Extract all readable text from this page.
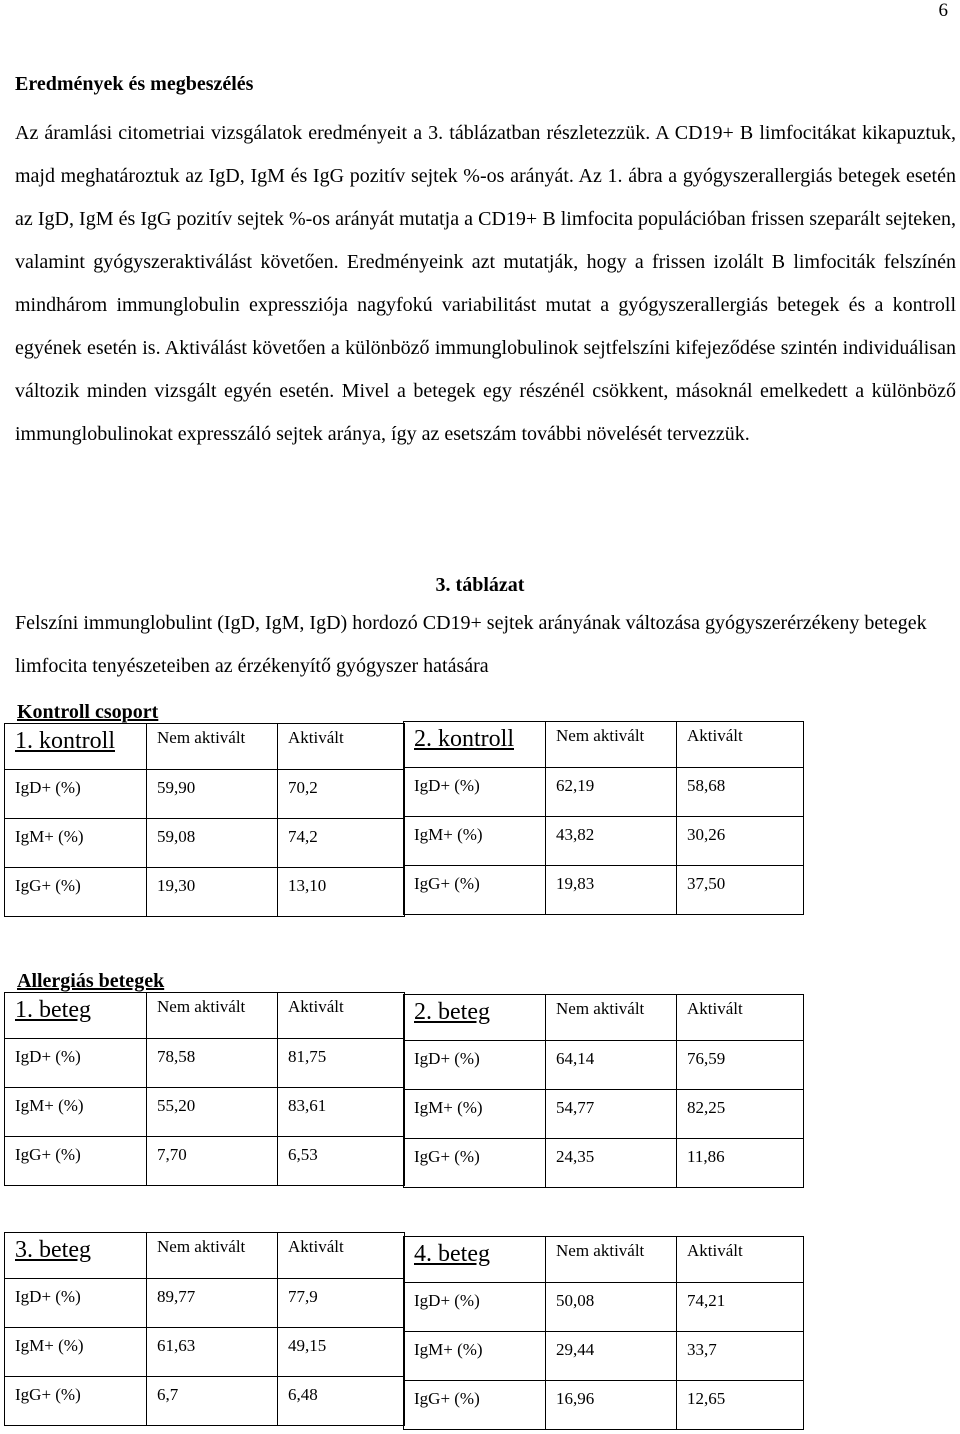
6
Eredmények és megbeszélés

Az áramlási citometriai vizsgálatok eredményeit a 3. táblázatban részletezzük. A CD19+ B limfocitákat kikapuztuk, majd meghatároztuk az IgD, IgM és IgG pozitív sejtek %-os arányát. Az 1. ábra a gyógyszerallergiás betegek esetén az IgD, IgM és IgG pozitív sejtek %-os arányát mutatja a CD19+ B limfocita populációban frissen szeparált sejteken, valamint gyógyszeraktiválást követően. Eredményeink azt mutatják, hogy a frissen izolált B limfociták felszínén mindhárom immunglobulin expressziója nagyfokú variabilitást mutat a gyógyszerallergiás betegek és a kontroll egyének esetén is. Aktiválást követően a különböző immunglobulinok sejtfelszíni kifejeződése szintén individuálisan változik minden vizsgált egyén esetén. Mivel a betegek egy részénél csökkent, másoknál emelkedett a különböző immunglobulinokat expresszáló sejtek aránya, így az esetszám további növelését tervezzük.

3. táblázat

Felszíni immunglobulint (IgD, IgM, IgD) hordozó CD19+ sejtek arányának változása gyógyszerérzékeny betegek limfocita tenyészeteiben az érzékenyítő gyógyszer hatására

Kontroll csoport
1. kontroll	Nem aktivált	Aktivált
IgD+ (%)	59,90	70,2
IgM+ (%)	59,08	74,2
IgG+ (%)	19,30	13,10
2. kontroll	Nem aktivált	Aktivált
IgD+ (%)	62,19	58,68
IgM+ (%)	43,82	30,26
IgG+ (%)	19,83	37,50
Allergiás betegek
1. beteg	Nem aktivált	Aktivált
IgD+ (%)	78,58	81,75
IgM+ (%)	55,20	83,61
IgG+ (%)	7,70	6,53
2. beteg	Nem aktivált	Aktivált
IgD+ (%)	64,14	76,59
IgM+ (%)	54,77	82,25
IgG+ (%)	24,35	11,86
3. beteg	Nem aktivált	Aktivált
IgD+ (%)	89,77	77,9
IgM+ (%)	61,63	49,15
IgG+ (%)	6,7	6,48
4. beteg	Nem aktivált	Aktivált
IgD+ (%)	50,08	74,21
IgM+ (%)	29,44	33,7
IgG+ (%)	16,96	12,65
